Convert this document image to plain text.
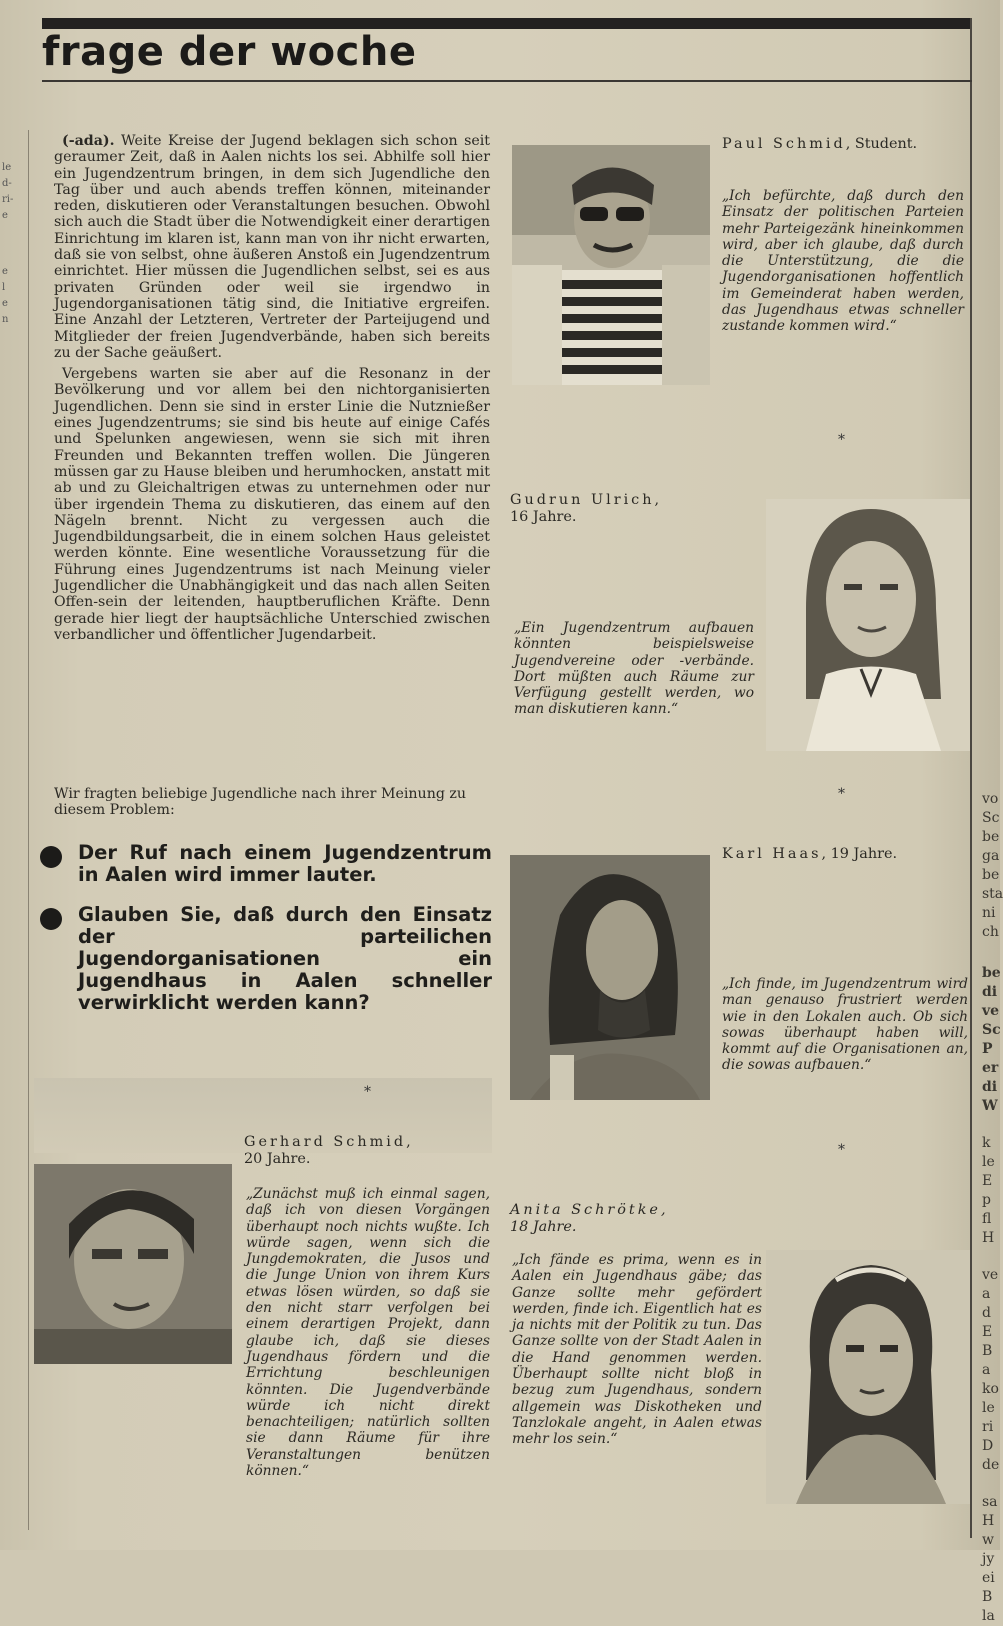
le
d-
ri-
e
e
l
e
n
frage der woche

(-ada). Weite Kreise der Jugend beklagen sich schon seit geraumer Zeit, daß in Aalen nichts los sei. Abhilfe soll hier ein Jugendzentrum bringen, in dem sich Jugendliche den Tag über und auch abends treffen können, miteinander reden, diskutieren oder Veranstaltungen besuchen. Obwohl sich auch die Stadt über die Notwendigkeit einer derartigen Einrichtung im klaren ist, kann man von ihr nicht erwarten, daß sie von selbst, ohne äußeren Anstoß ein Jugendzentrum einrichtet. Hier müssen die Jugendlichen selbst, sei es aus privaten Gründen oder weil sie irgendwo in Jugendorganisationen tätig sind, die Initiative ergreifen. Eine Anzahl der Letzteren, Vertreter der Parteijugend und Mitglieder der freien Jugendverbände, haben sich bereits zu der Sache geäußert.

Vergebens warten sie aber auf die Resonanz in der Bevölkerung und vor allem bei den nichtorganisierten Jugendlichen. Denn sie sind in erster Linie die Nutznießer eines Jugendzentrums; sie sind bis heute auf einige Cafés und Spelunken angewiesen, wenn sie sich mit ihren Freunden und Bekannten treffen wollen. Die Jüngeren müssen gar zu Hause bleiben und herumhocken, anstatt mit ab und zu Gleichaltrigen etwas zu unternehmen oder nur über irgendein Thema zu diskutieren, das einem auf den Nägeln brennt. Nicht zu vergessen auch die Jugendbildungsarbeit, die in einem solchen Haus geleistet werden könnte. Eine wesentliche Voraussetzung für die Führung eines Jugendzentrums ist nach Meinung vieler Jugendlicher die Unabhängigkeit und das nach allen Seiten Offen-sein der leitenden, hauptberuflichen Kräfte. Denn gerade hier liegt der hauptsächliche Unterschied zwischen verbandlicher und öffentlicher Jugendarbeit.

Wir fragten beliebige Jugendliche nach ihrer Meinung zu diesem Problem:
Der Ruf nach einem Jugendzentrum in Aalen wird immer lauter.
Glauben Sie, daß durch den Einsatz der parteilichen Jugendorganisationen ein Jugendhaus in Aalen schneller verwirklicht werden kann?
*
Gerhard Schmid,
20 Jahre.
„Zunächst muß ich einmal sagen, daß ich von diesen Vorgängen überhaupt noch nichts wußte. Ich würde sagen, wenn sich die Jungdemokraten, die Jusos und die Junge Union von ihrem Kurs etwas lösen würden, so daß sie den nicht starr verfolgen bei einem derartigen Projekt, dann glaube ich, daß sie dieses Jugendhaus fördern und die Errichtung beschleunigen könnten. Die Jugendverbände würde ich nicht direkt benachteiligen; natürlich sollten sie dann Räume für ihre Veranstaltungen benützen können.“
Paul Schmid, Student.
„Ich befürchte, daß durch den Einsatz der politischen Parteien mehr Parteigezänk hineinkommen wird, aber ich glaube, daß durch die Unterstützung, die die Jugendorganisationen hoffentlich im Gemeinderat haben werden, das Jugendhaus etwas schneller zustande kommen wird.“
*
Gudrun Ulrich,
16 Jahre.
„Ein Jugendzentrum aufbauen könnten beispielsweise Jugendvereine oder -verbände. Dort müßten auch Räume zur Verfügung gestellt werden, wo man diskutieren kann.“
*
Karl Haas, 19 Jahre.
„Ich finde, im Jugendzentrum wird man genauso frustriert werden wie in den Lokalen auch. Ob sich sowas überhaupt haben will, kommt auf die Organisationen an, die sowas aufbauen.“
*
Anita Schrötke,
18 Jahre.
„Ich fände es prima, wenn es in Aalen ein Jugendhaus gäbe; das Ganze sollte mehr gefördert werden, finde ich. Eigentlich hat es ja nichts mit der Politik zu tun. Das Ganze sollte von der Stadt Aalen in die Hand genommen werden. Überhaupt sollte nicht bloß in bezug zum Jugendhaus, sondern allgemein was Diskotheken und Tanzlokale angeht, in Aalen etwas mehr los sein.“
vo
Sc
be
ga
be
sta
ni
ch
be
di
ve
Sc
P
er
di
W
k
le
E
p
fl
H
ve
a
d
E
B
a
ko
le
ri
D
de
sa
H
w
jy
ei
B
la
